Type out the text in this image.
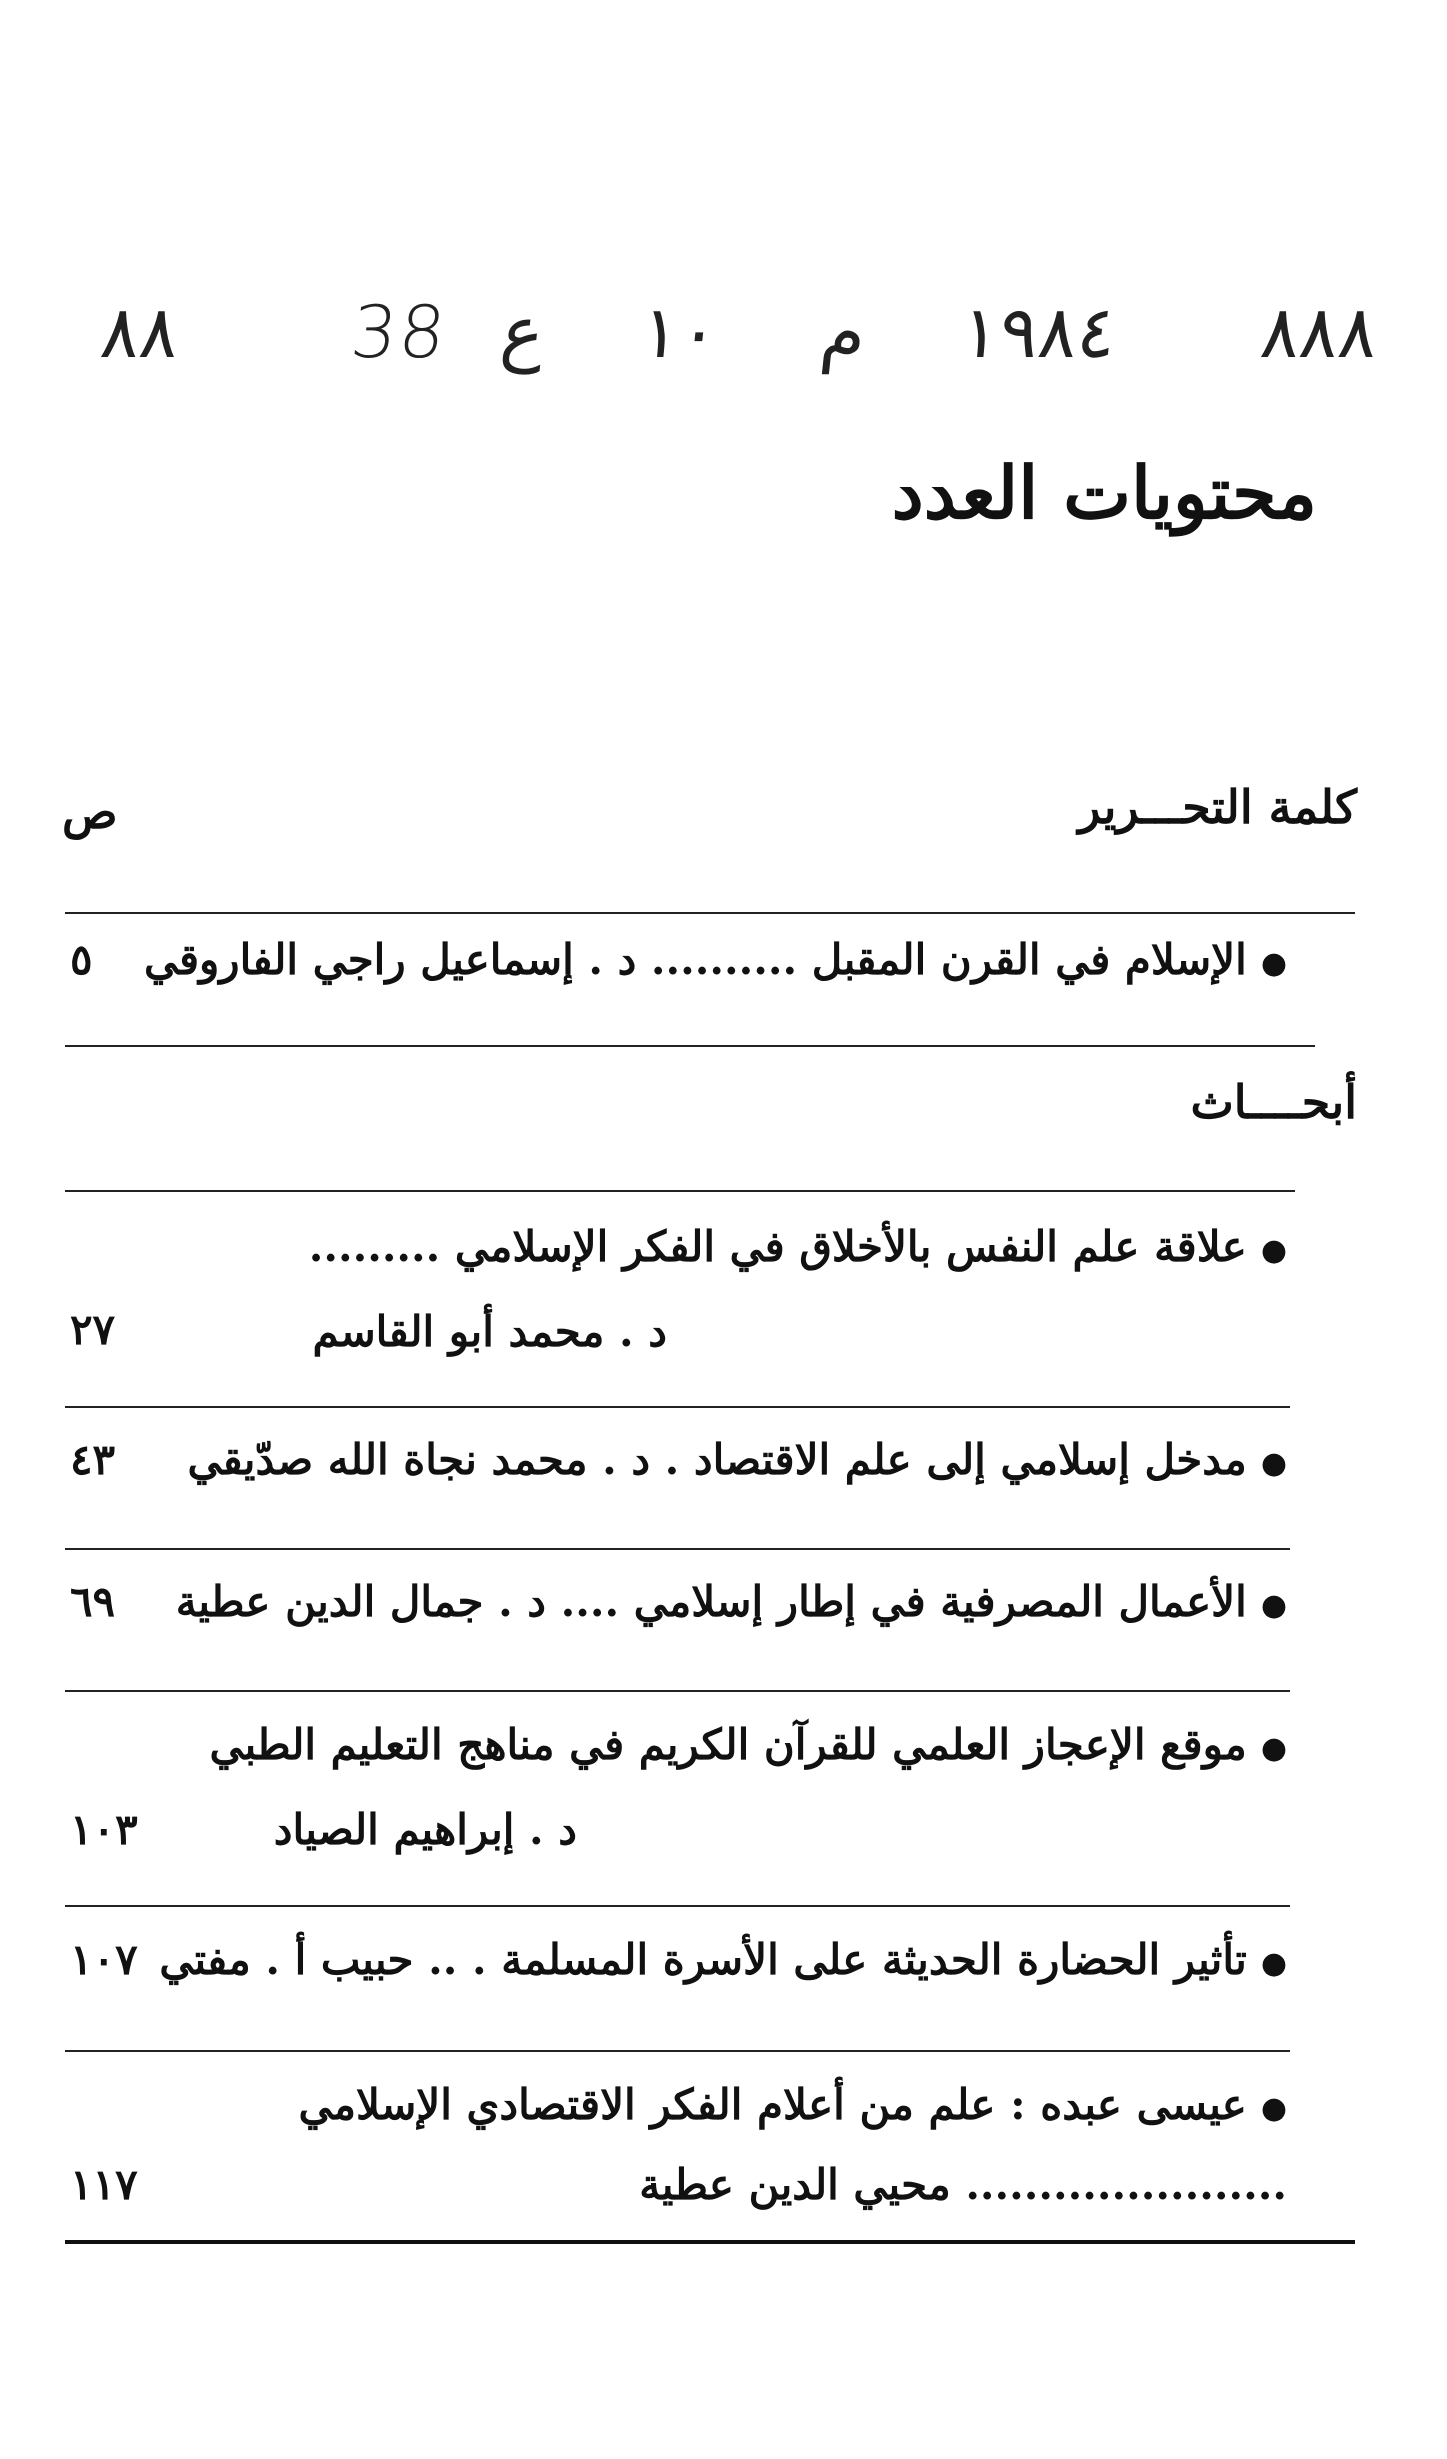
٨٨٨
١٩٨٤
م
١٠
ع
38
٨٨
محتويات العدد
كلمة التحـــرير
ص
●الإسلام في القرن المقبل .......... د . إسماعيل راجي الفاروقي
٥
أبحــــاث
●علاقة علم النفس بالأخلاق في الفكر الإسلامي .........
د . محمد أبو القاسم
٢٧
●مدخل إسلامي إلى علم الاقتصاد . د . محمد نجاة الله صدّيقي
٤٣
●الأعمال المصرفية في إطار إسلامي .... د . جمال الدين عطية
٦٩
●موقع الإعجاز العلمي للقرآن الكريم في مناهج التعليم الطبي
د . إبراهيم الصياد
١٠٣
●تأثير الحضارة الحديثة على الأسرة المسلمة . .. حبيب أ . مفتي
١٠٧
●عيسى عبده : علم من أعلام الفكر الاقتصادي الإسلامي
...................... محيي الدين عطية
١١٧
